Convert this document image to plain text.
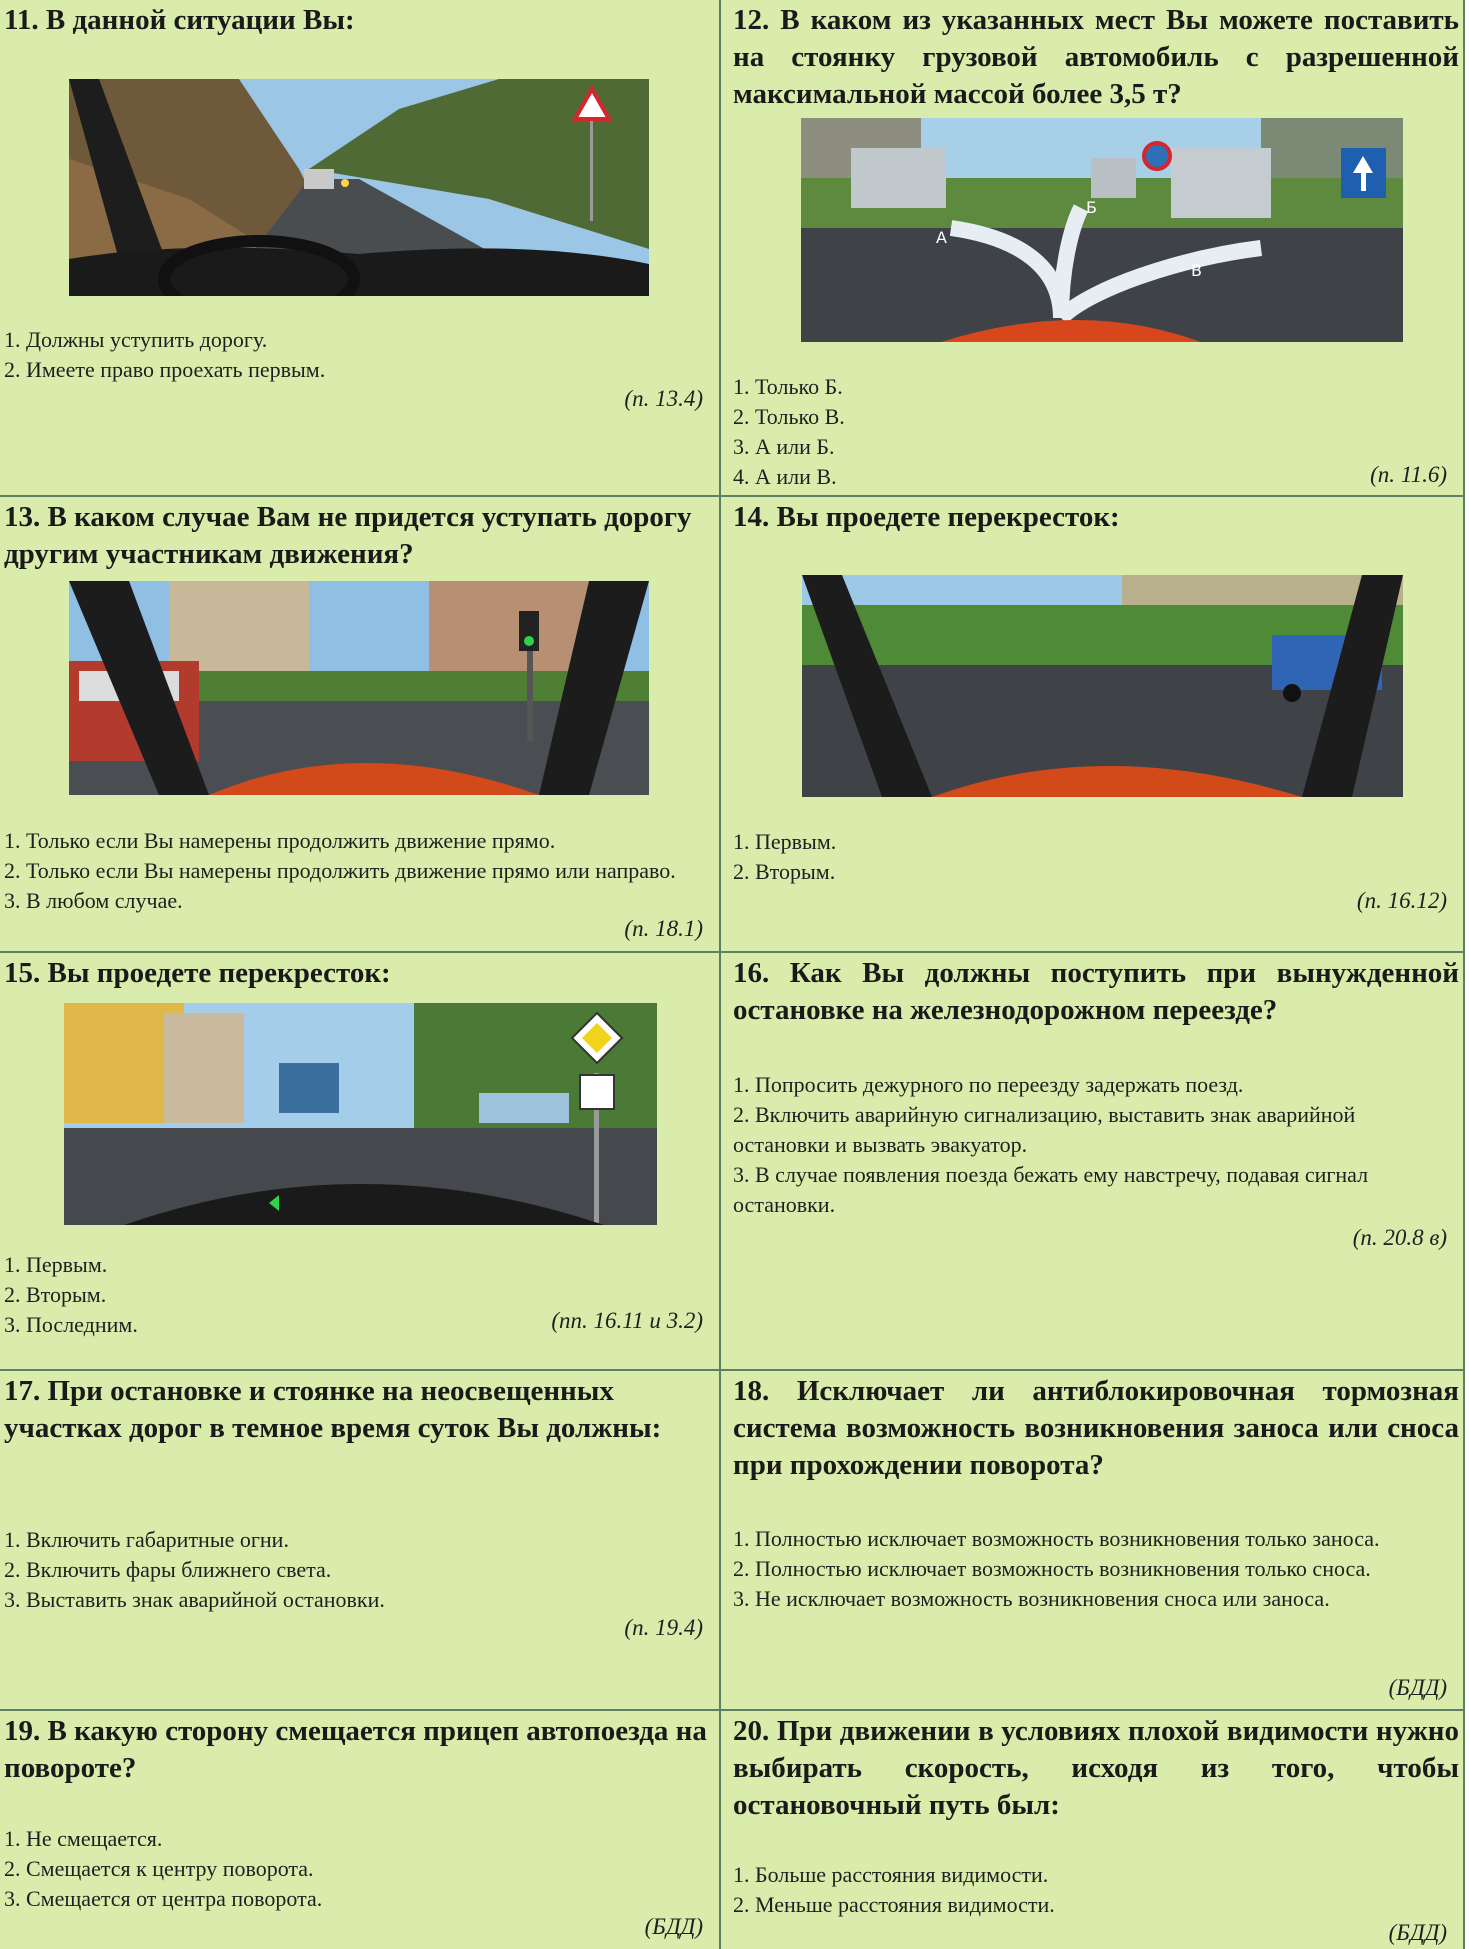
11. В данной ситуации Вы:
1. Должны уступить дорогу.
2. Имеете право проехать первым.
(п. 13.4)
12. В каком из указанных мест Вы можете поставить на стоянку грузовой автомобиль с разрешенной максимальной массой более 3,5 т?
А
Б
В
1. Только Б.
2. Только В.
3. А или Б.
4. А или В.	(п. 11.6)
13. В каком случае Вам не придется уступать дорогу другим участникам движения?
1. Только если Вы намерены продолжить движение прямо.
2. Только если Вы намерены продолжить движение прямо или направо.
3. В любом случае.
(п. 18.1)
14. Вы проедете перекресток:
1. Первым.
2. Вторым.
(п. 16.12)
15. Вы проедете перекресток:
1. Первым.
2. Вторым.
3. Последним.	(пп. 16.11 и 3.2)
16. Как Вы должны поступить при вынужденной остановке на железнодорожном переезде?
1. Попросить дежурного по переезду задержать поезд.
2. Включить аварийную сигнализацию, выставить знак аварийной остановки и вызвать эвакуатор.
3. В случае появления поезда бежать ему навстречу, подавая сигнал остановки.
(п. 20.8 в)
17. При остановке и стоянке на неосвещенных участках дорог в темное время суток Вы должны:
1. Включить габаритные огни.
2. Включить фары ближнего света.
3. Выставить знак аварийной остановки.
(п. 19.4)
18. Исключает ли антиблокировочная тормозная система возможность возникновения заноса или сноса при прохождении поворота?
1. Полностью исключает возможность возникновения только заноса.
2. Полностью исключает возможность возникновения только сноса.
3. Не исключает возможность возникновения сноса или заноса.
(БДД)
19. В какую сторону смещается прицеп автопоезда на повороте?
1. Не смещается.
2. Смещается к центру поворота.
3. Смещается от центра поворота.
(БДД)
20. При движении в условиях плохой видимости нужно выбирать скорость, исходя из того, чтобы остановочный путь был:
1. Больше расстояния видимости.
2. Меньше расстояния видимости.
(БДД)
